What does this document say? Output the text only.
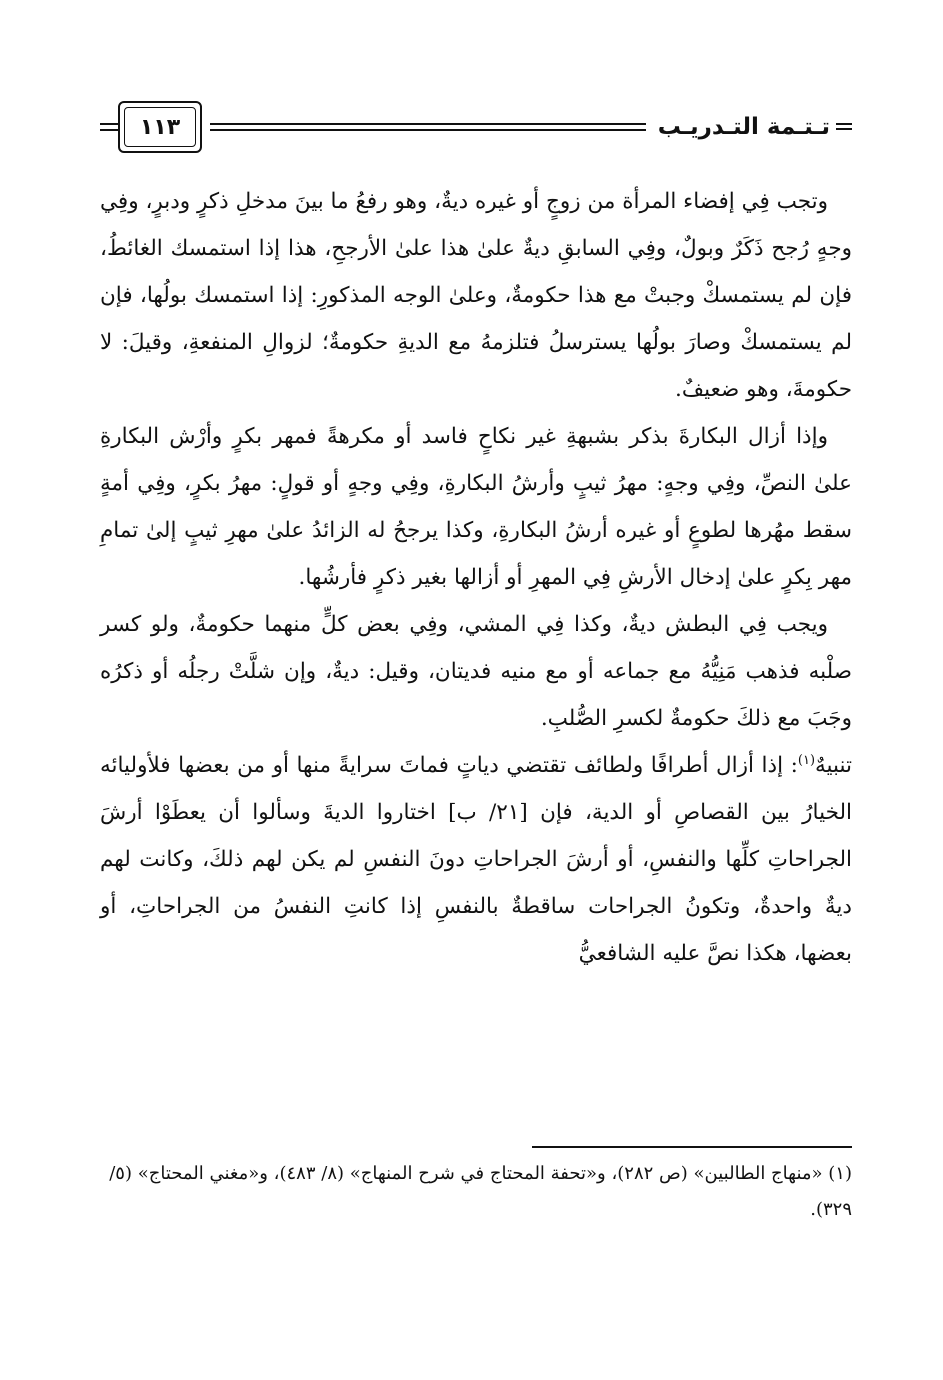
تـتـمة التـدريـب
١١٣

وتجب فِي إفضاء المرأة من زوجٍ أو غيره ديةٌ، وهو رفعُ ما بينَ مدخلِ ذكرٍ ودبرٍ، وفِي وجهٍ رُجح ذَكَرٌ وبولٌ، وفِي السابقِ ديةٌ علىٰ هذا علىٰ الأرجحِ، هذا إذا استمسك الغائطُ، فإن لم يستمسكْ وجبتْ مع هذا حكومةٌ، وعلىٰ الوجه المذكورِ: إذا استمسك بولُها، فإن لم يستمسكْ وصارَ بولُها يسترسلُ فتلزمهُ مع الديةِ حكومةٌ؛ لزوالِ المنفعةِ، وقيلَ: لا حكومةَ، وهو ضعيفٌ.

وإذا أزال البكارةَ بذكر بشبهةِ غير نكاحٍ فاسد أو مكرهةً فمهر بكرٍ وأرْش البكارةِ علىٰ النصِّ، وفِي وجهٍ: مهرُ ثيبٍ وأرشُ البكارةِ، وفِي وجهٍ أو قولٍ: مهرُ بكرٍ، وفِي أمةٍ سقط مهُرها لطوعٍ أو غيره أرشُ البكارةِ، وكذا يرجحُ له الزائدُ علىٰ مهرِ ثيبٍ إلىٰ تمامِ مهر بِكرٍ علىٰ إدخال الأرشِ فِي المهرِ أو أزالها بغير ذكرٍ فأرشُها.

ويجب فِي البطش ديةٌ، وكذا فِي المشي، وفِي بعض كلٍّ منهما حكومةٌ، ولو كسر صلْبه فذهب مَنِيُّهُ مع جماعه أو مع منيه فديتان، وقيل: ديةٌ، وإن شلَّتْ رجلُه أو ذكرُه وجَبَ مع ذلكَ حكومةٌ لكسرِ الصُّلبِ.

تنبيهٌ$^{(١)}$: إذا أزال أطرافًا ولطائف تقتضي دياتٍ فماتَ سرايةً منها أو من بعضها فلأوليائه الخيارُ بين القصاصِ أو الدية، فإن [٢١/ ب] اختاروا الديةَ وسألوا أن يعطَوْا أرشَ الجراحاتِ كلِّها والنفسِ، أو أرشَ الجراحاتِ دونَ النفسِ لم يكن لهم ذلكَ، وكانت لهم ديةٌ واحدةٌ، وتكونُ الجراحات ساقطةٌ بالنفسِ إذا كانتِ النفسُ من الجراحاتِ، أو بعضها، هكذا نصَّ عليه الشافعيُّ

(١) «منهاج الطالبين» (ص ٢٨٢)، و«تحفة المحتاج في شرح المنهاج» (٨/ ٤٨٣)، و«مغني المحتاج» (٥/ ٣٢٩).
